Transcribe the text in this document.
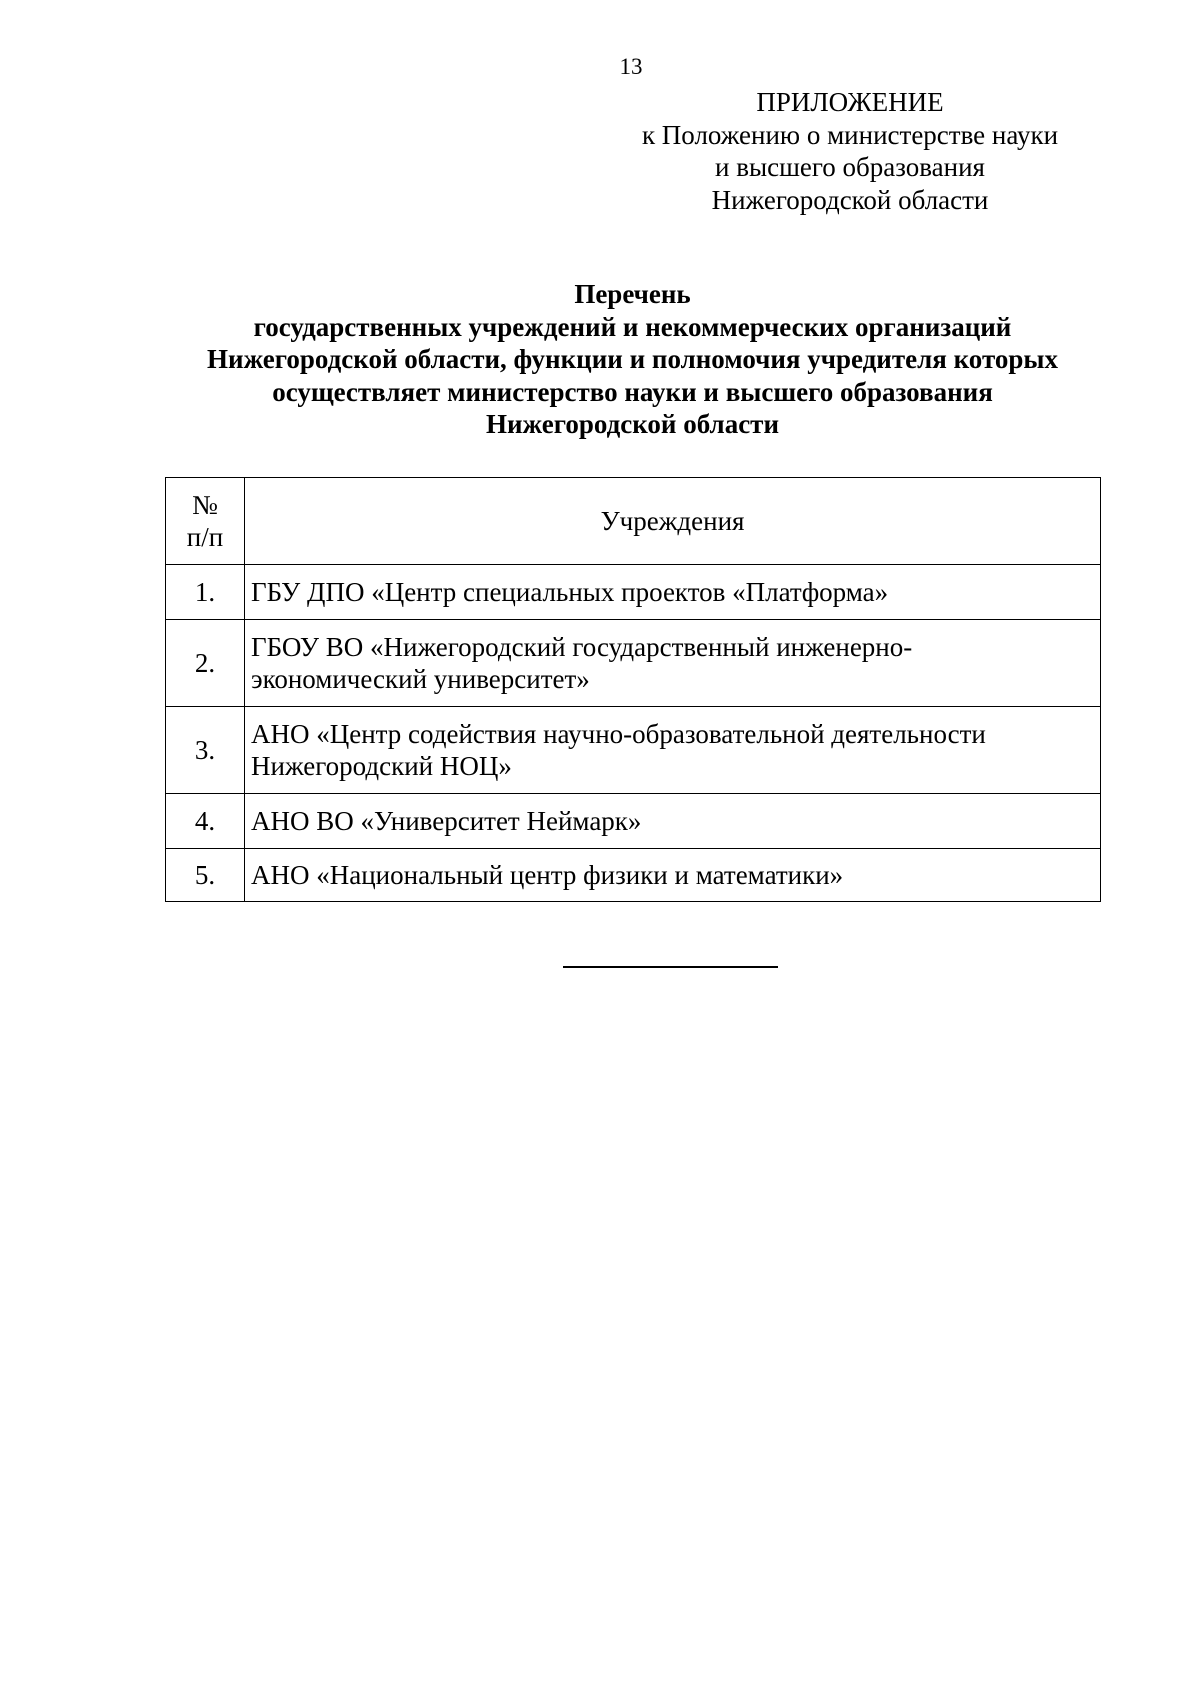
13
ПРИЛОЖЕНИЕ
к Положению о министерстве науки
и высшего образования
Нижегородской области
Перечень
государственных учреждений и некоммерческих организаций
Нижегородской области, функции и полномочия учредителя которых
осуществляет министерство науки и высшего образования
Нижегородской области
№
п/п	Учреждения
1.	ГБУ ДПО «Центр специальных проектов «Платформа»

2.	ГБОУ ВО «Нижегородский государственный инженерно-
экономический университет»

3.	АНО «Центр содействия научно-образовательной деятельности
Нижегородский НОЦ»

4.	АНО ВО «Университет Неймарк»

5.	АНО «Национальный центр физики и математики»
